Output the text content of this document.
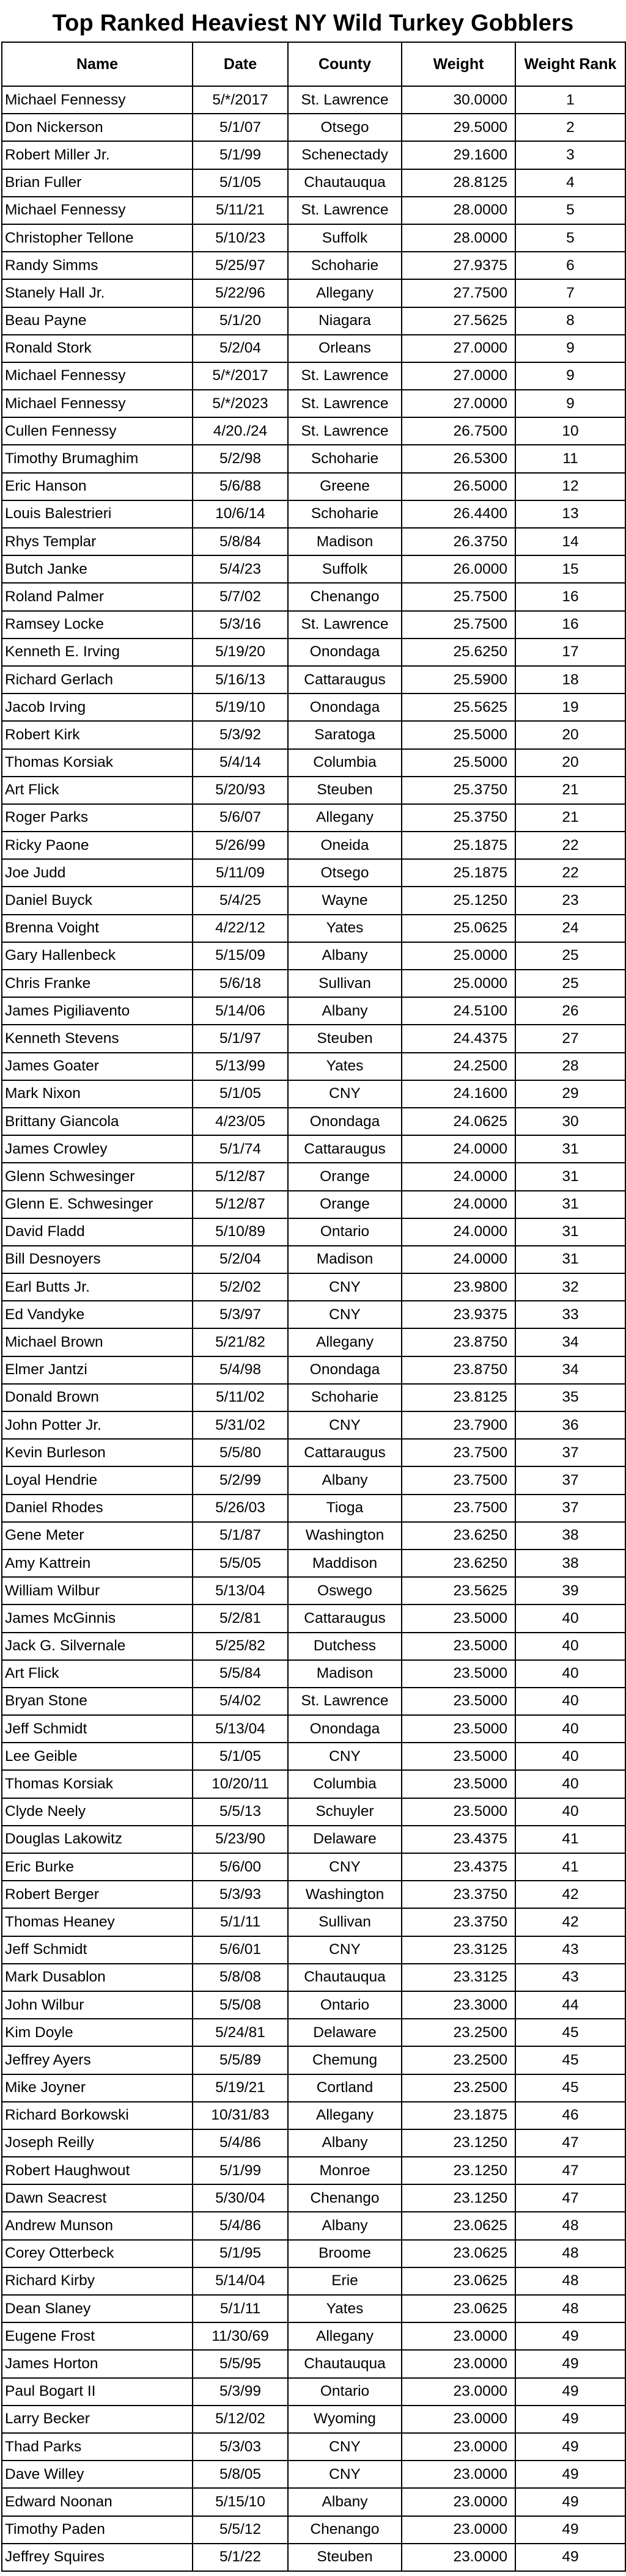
Top Ranked Heaviest NY Wild Turkey Gobblers
Name	Date	County	Weight	Weight Rank
Michael Fennessy	5/*/2017	St. Lawrence	30.0000	1
Don Nickerson	5/1/07	Otsego	29.5000	2
Robert Miller Jr.	5/1/99	Schenectady	29.1600	3
Brian Fuller	5/1/05	Chautauqua	28.8125	4
Michael Fennessy	5/11/21	St. Lawrence	28.0000	5
Christopher Tellone	5/10/23	Suffolk	28.0000	5
Randy Simms	5/25/97	Schoharie	27.9375	6
Stanely Hall Jr.	5/22/96	Allegany	27.7500	7
Beau Payne	5/1/20	Niagara	27.5625	8
Ronald Stork	5/2/04	Orleans	27.0000	9
Michael Fennessy	5/*/2017	St. Lawrence	27.0000	9
Michael Fennessy	5/*/2023	St. Lawrence	27.0000	9
Cullen Fennessy	4/20./24	St. Lawrence	26.7500	10
Timothy Brumaghim	5/2/98	Schoharie	26.5300	11
Eric Hanson	5/6/88	Greene	26.5000	12
Louis Balestrieri	10/6/14	Schoharie	26.4400	13
Rhys Templar	5/8/84	Madison	26.3750	14
Butch Janke	5/4/23	Suffolk	26.0000	15
Roland Palmer	5/7/02	Chenango	25.7500	16
Ramsey Locke	5/3/16	St. Lawrence	25.7500	16
Kenneth E. Irving	5/19/20	Onondaga	25.6250	17
Richard Gerlach	5/16/13	Cattaraugus	25.5900	18
Jacob Irving	5/19/10	Onondaga	25.5625	19
Robert Kirk	5/3/92	Saratoga	25.5000	20
Thomas Korsiak	5/4/14	Columbia	25.5000	20
Art Flick	5/20/93	Steuben	25.3750	21
Roger Parks	5/6/07	Allegany	25.3750	21
Ricky Paone	5/26/99	Oneida	25.1875	22
Joe Judd	5/11/09	Otsego	25.1875	22
Daniel Buyck	5/4/25	Wayne	25.1250	23
Brenna Voight	4/22/12	Yates	25.0625	24
Gary Hallenbeck	5/15/09	Albany	25.0000	25
Chris Franke	5/6/18	Sullivan	25.0000	25
James Pigiliavento	5/14/06	Albany	24.5100	26
Kenneth Stevens	5/1/97	Steuben	24.4375	27
James Goater	5/13/99	Yates	24.2500	28
Mark Nixon	5/1/05	CNY	24.1600	29
Brittany Giancola	4/23/05	Onondaga	24.0625	30
James Crowley	5/1/74	Cattaraugus	24.0000	31
Glenn Schwesinger	5/12/87	Orange	24.0000	31
Glenn E. Schwesinger	5/12/87	Orange	24.0000	31
David Fladd	5/10/89	Ontario	24.0000	31
Bill Desnoyers	5/2/04	Madison	24.0000	31
Earl Butts Jr.	5/2/02	CNY	23.9800	32
Ed Vandyke	5/3/97	CNY	23.9375	33
Michael Brown	5/21/82	Allegany	23.8750	34
Elmer Jantzi	5/4/98	Onondaga	23.8750	34
Donald Brown	5/11/02	Schoharie	23.8125	35
John Potter Jr.	5/31/02	CNY	23.7900	36
Kevin Burleson	5/5/80	Cattaraugus	23.7500	37
Loyal Hendrie	5/2/99	Albany	23.7500	37
Daniel Rhodes	5/26/03	Tioga	23.7500	37
Gene Meter	5/1/87	Washington	23.6250	38
Amy Kattrein	5/5/05	Maddison	23.6250	38
William Wilbur	5/13/04	Oswego	23.5625	39
James McGinnis	5/2/81	Cattaraugus	23.5000	40
Jack G. Silvernale	5/25/82	Dutchess	23.5000	40
Art Flick	5/5/84	Madison	23.5000	40
Bryan Stone	5/4/02	St. Lawrence	23.5000	40
Jeff Schmidt	5/13/04	Onondaga	23.5000	40
Lee Geible	5/1/05	CNY	23.5000	40
Thomas Korsiak	10/20/11	Columbia	23.5000	40
Clyde Neely	5/5/13	Schuyler	23.5000	40
Douglas Lakowitz	5/23/90	Delaware	23.4375	41
Eric Burke	5/6/00	CNY	23.4375	41
Robert Berger	5/3/93	Washington	23.3750	42
Thomas Heaney	5/1/11	Sullivan	23.3750	42
Jeff Schmidt	5/6/01	CNY	23.3125	43
Mark Dusablon	5/8/08	Chautauqua	23.3125	43
John Wilbur	5/5/08	Ontario	23.3000	44
Kim Doyle	5/24/81	Delaware	23.2500	45
Jeffrey Ayers	5/5/89	Chemung	23.2500	45
Mike Joyner	5/19/21	Cortland	23.2500	45
Richard Borkowski	10/31/83	Allegany	23.1875	46
Joseph Reilly	5/4/86	Albany	23.1250	47
Robert Haughwout	5/1/99	Monroe	23.1250	47
Dawn Seacrest	5/30/04	Chenango	23.1250	47
Andrew Munson	5/4/86	Albany	23.0625	48
Corey Otterbeck	5/1/95	Broome	23.0625	48
Richard Kirby	5/14/04	Erie	23.0625	48
Dean Slaney	5/1/11	Yates	23.0625	48
Eugene Frost	11/30/69	Allegany	23.0000	49
James Horton	5/5/95	Chautauqua	23.0000	49
Paul Bogart II	5/3/99	Ontario	23.0000	49
Larry Becker	5/12/02	Wyoming	23.0000	49
Thad Parks	5/3/03	CNY	23.0000	49
Dave Willey	5/8/05	CNY	23.0000	49
Edward Noonan	5/15/10	Albany	23.0000	49
Timothy Paden	5/5/12	Chenango	23.0000	49
Jeffrey Squires	5/1/22	Steuben	23.0000	49
